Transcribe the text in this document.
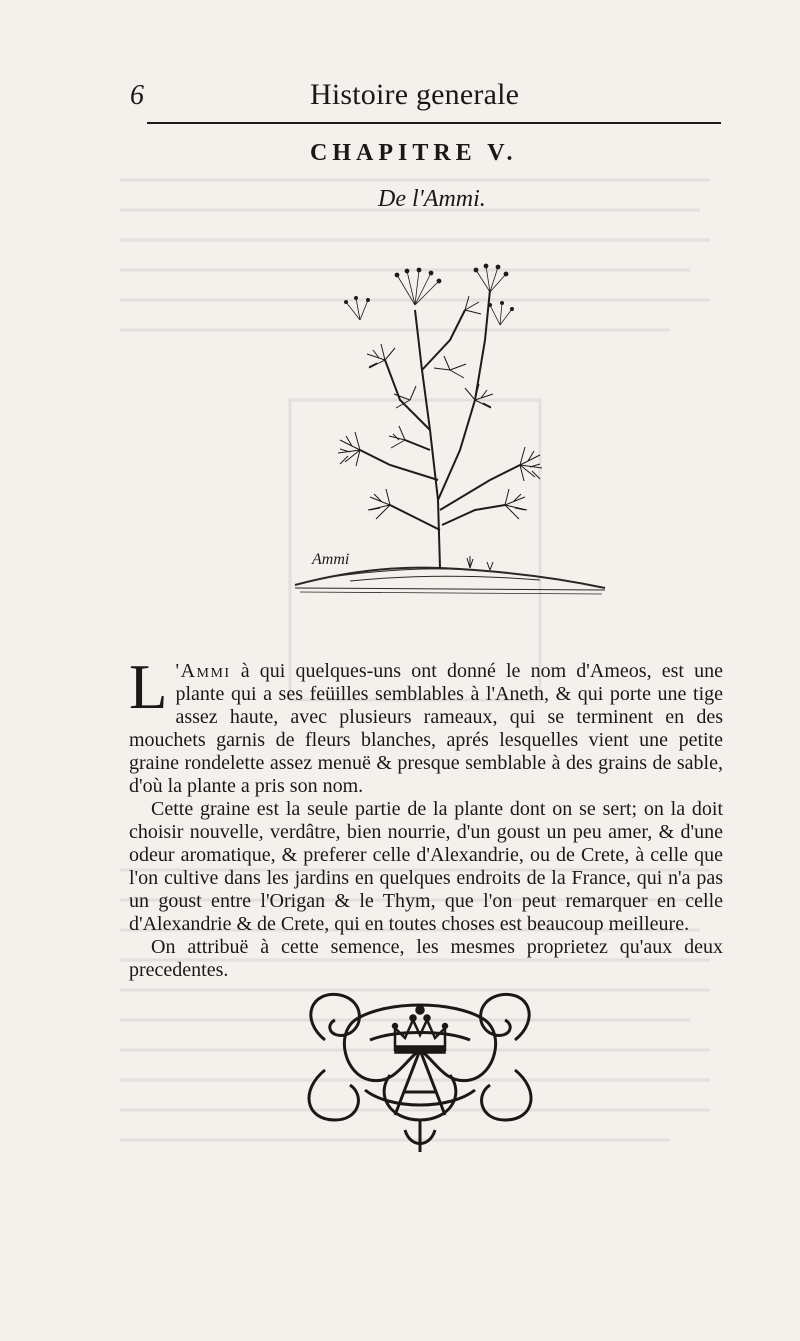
6	Histoire generale
CHAPITRE V.
De l'Ammi.
Ammi

L 'Ammi à qui quelques-uns ont donné le nom d'Ameos, est une plante qui a ses feüilles semblables à l'Aneth, & qui porte une tige assez haute, avec plusieurs rameaux, qui se terminent en des mouchets garnis de fleurs blanches, aprés lesquelles vient une petite graine rondelette assez menuë & presque semblable à des grains de sable, d'où la plante a pris son nom.

Cette graine est la seule partie de la plante dont on se sert; on la doit choisir nouvelle, verdâtre, bien nourrie, d'un goust un peu amer, & d'une odeur aromatique, & preferer celle d'Alexandrie, ou de Crete, à celle que l'on cultive dans les jardins en quelques endroits de la France, qui n'a pas un goust entre l'Origan & le Thym, que l'on peut remarquer en celle d'Alexandrie & de Crete, qui en toutes choses est beaucoup meilleure.

On attribuë à cette semence, les mesmes proprietez qu'aux deux precedentes.
